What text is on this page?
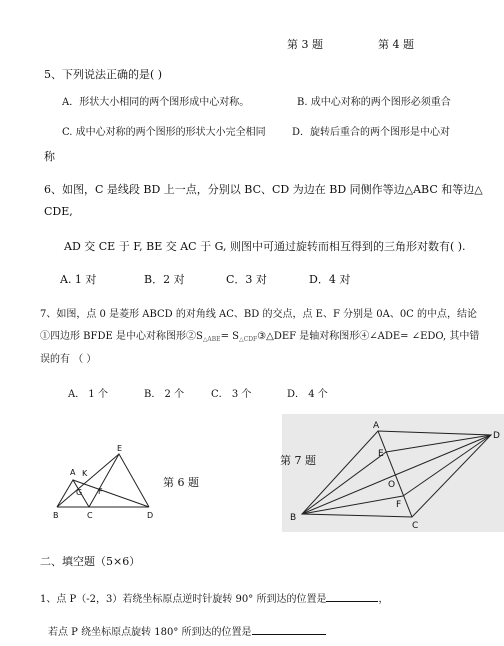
第 3 题	第 4 题
5、下列说法正确的是( )
A．形状大小相同的两个图形成中心对称。	B. 成中心对称的两个图形必须重合
C. 成中心对称的两个图形的形状大小完全相同	D．旋转后重合的两个图形是中心对
称
6、如图，C 是线段 BD 上一点，分别以 BC、CD 为边在 BD 同侧作等边△ABC 和等边△
CDE,
AD 交 CE 于 F, BE 交 AC 于 G, 则图中可通过旋转而相互得到的三角形对数有( ).
A. 1 对	B．2 对	C．3 对	D．4 对
7、如图，点 0 是菱形 ABCD 的对角线 AC、BD 的交点，点 E、F 分别是 0A、0C 的中点，结论
①四边形 BFDE 是中心对称图形$②S_{\triangle ABE}=$ $S_{\triangle CDF}③\triangle DEF$ 是轴对称图形④∠ADE= ∠EDO, 其中错
误的有 （ ）
A． 1 个	B． 2 个	C． 3 个	D． 4 个
E
A K
G F
B	C	D
第 6 题
第 7 题
A
D
E
O
F
B
C
二、填空题（5×6）
1、点 P（-2，3）若绕坐标原点逆时针旋转 90° 所到达的位置是	，
若点 P 绕坐标原点旋转 180° 所到达的位置是
